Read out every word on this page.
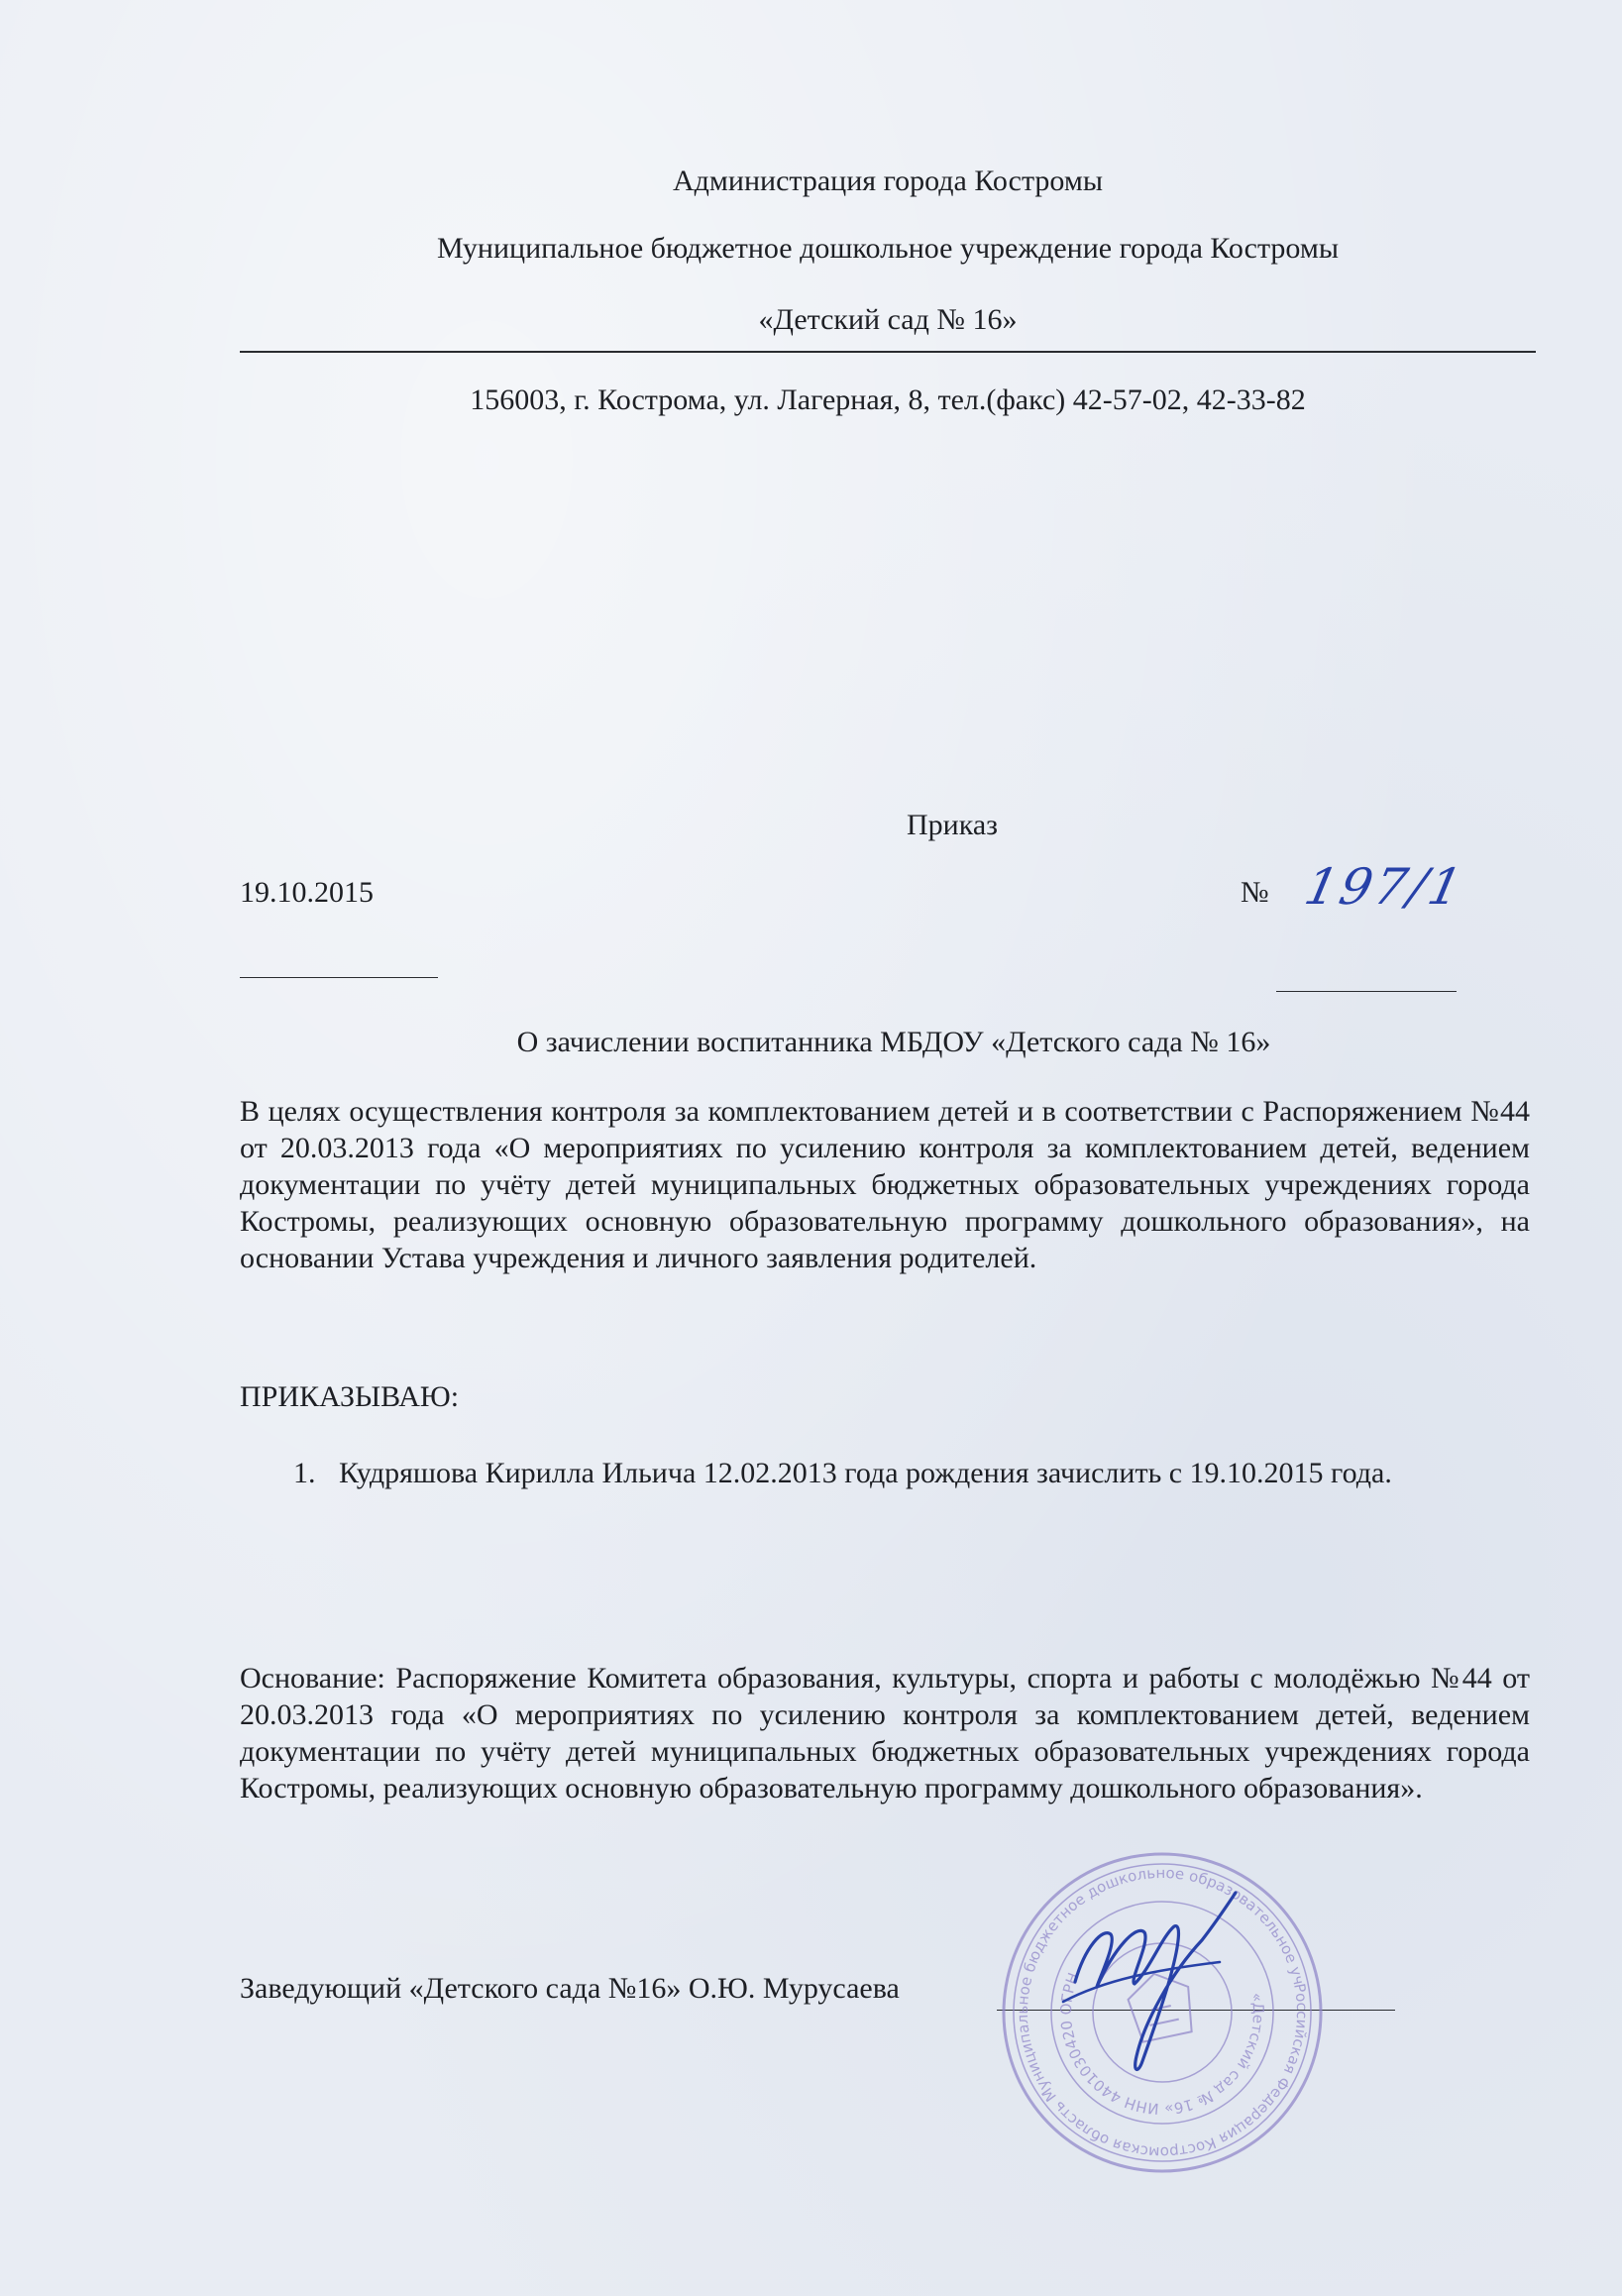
Администрация города Костромы
Муниципальное бюджетное дошкольное учреждение города Костромы
«Детский сад № 16»
156003, г. Кострома, ул. Лагерная, 8, тел.(факс) 42-57-02, 42-33-82
Приказ
19.10.2015	№ 197/1
О зачислении воспитанника МБДОУ «Детского сада № 16»
В целях осуществления контроля за комплектованием детей и в соответствии с Распоряжением №44 от 20.03.2013 года «О мероприятиях по усилению контроля за комплектованием детей, ведением документации по учёту детей муниципальных бюджетных образовательных учреждениях города Костромы, реализующих основную образовательную программу дошкольного образования», на основании Устава учреждения и личного заявления родителей.
ПРИКАЗЫВАЮ:
1. Кудряшова Кирилла Ильича 12.02.2013 года рождения зачислить с 19.10.2015 года.
Основание: Распоряжение Комитета образования, культуры, спорта и работы с молодёжью №44 от 20.03.2013 года «О мероприятиях по усилению контроля за комплектованием детей, ведением документации по учёту детей муниципальных бюджетных образовательных учреждениях города Костромы, реализующих основную образовательную программу дошкольного образования».
Заведующий «Детского сада №16» О.Ю. Мурусаева	Российская Федерация Костромская область Муниципальное бюджетное дошкольное образовательное учреждение
«Детский сад № 16» ИНН 4401030420 ОГРН
